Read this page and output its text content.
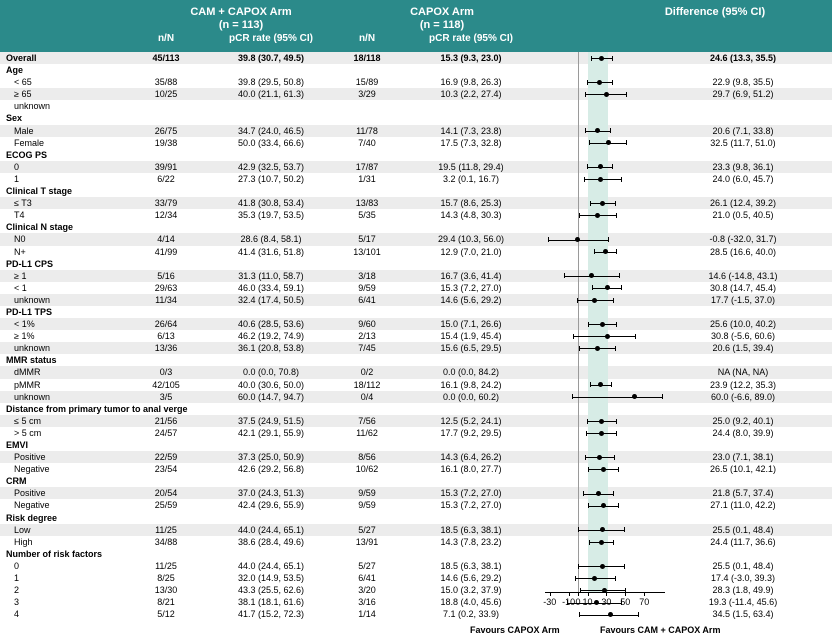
CAM + CAPOX Arm
(n = 113)
CAPOX Arm
(n = 118)
Difference (95% CI)
n/N	pCR rate (95% CI)	n/N	pCR rate (95% CI)
Overall	45/113	39.8 (30.7, 49.5)	18/118	15.3 (9.3, 23.0)	24.6 (13.3, 35.5)
Age
< 65	35/88	39.8 (29.5, 50.8)	15/89	16.9 (9.8, 26.3)	22.9 (9.8, 35.5)
≥ 65	10/25	40.0 (21.1, 61.3)	3/29	10.3 (2.2, 27.4)	29.7 (6.9, 51.2)
unknown
Sex
Male	26/75	34.7 (24.0, 46.5)	11/78	14.1 (7.3, 23.8)	20.6 (7.1, 33.8)
Female	19/38	50.0 (33.4, 66.6)	7/40	17.5 (7.3, 32.8)	32.5 (11.7, 51.0)
ECOG PS
0	39/91	42.9 (32.5, 53.7)	17/87	19.5 (11.8, 29.4)	23.3 (9.8, 36.1)
1	6/22	27.3 (10.7, 50.2)	1/31	3.2 (0.1, 16.7)	24.0 (6.0, 45.7)
Clinical T stage
≤ T3	33/79	41.8 (30.8, 53.4)	13/83	15.7 (8.6, 25.3)	26.1 (12.4, 39.2)
T4	12/34	35.3 (19.7, 53.5)	5/35	14.3 (4.8, 30.3)	21.0 (0.5, 40.5)
Clinical N stage
N0	4/14	28.6 (8.4, 58.1)	5/17	29.4 (10.3, 56.0)	-0.8 (-32.0, 31.7)
N+	41/99	41.4 (31.6, 51.8)	13/101	12.9 (7.0, 21.0)	28.5 (16.6, 40.0)
PD-L1 CPS
≥ 1	5/16	31.3 (11.0, 58.7)	3/18	16.7 (3.6, 41.4)	14.6 (-14.8, 43.1)
< 1	29/63	46.0 (33.4, 59.1)	9/59	15.3 (7.2, 27.0)	30.8 (14.7, 45.4)
unknown	11/34	32.4 (17.4, 50.5)	6/41	14.6 (5.6, 29.2)	17.7 (-1.5, 37.0)
PD-L1 TPS
< 1%	26/64	40.6 (28.5, 53.6)	9/60	15.0 (7.1, 26.6)	25.6 (10.0, 40.2)
≥ 1%	6/13	46.2 (19.2, 74.9)	2/13	15.4 (1.9, 45.4)	30.8 (-5.6, 60.6)
unknown	13/36	36.1 (20.8, 53.8)	7/45	15.6 (6.5, 29.5)	20.6 (1.5, 39.4)
MMR status
dMMR	0/3	0.0 (0.0, 70.8)	0/2	0.0 (0.0, 84.2)	NA (NA, NA)
pMMR	42/105	40.0 (30.6, 50.0)	18/112	16.1 (9.8, 24.2)	23.9 (12.2, 35.3)
unknown	3/5	60.0 (14.7, 94.7)	0/4	0.0 (0.0, 60.2)	60.0 (-6.6, 89.0)
Distance from primary tumor to anal verge
≤ 5 cm	21/56	37.5 (24.9, 51.5)	7/56	12.5 (5.2, 24.1)	25.0 (9.2, 40.1)
> 5 cm	24/57	42.1 (29.1, 55.9)	11/62	17.7 (9.2, 29.5)	24.4 (8.0, 39.9)
EMVI
Positive	22/59	37.3 (25.0, 50.9)	8/56	14.3 (6.4, 26.2)	23.0 (7.1, 38.1)
Negative	23/54	42.6 (29.2, 56.8)	10/62	16.1 (8.0, 27.7)	26.5 (10.1, 42.1)
CRM
Positive	20/54	37.0 (24.3, 51.3)	9/59	15.3 (7.2, 27.0)	21.8 (5.7, 37.4)
Negative	25/59	42.4 (29.6, 55.9)	9/59	15.3 (7.2, 27.0)	27.1 (11.0, 42.2)
Risk degree
Low	11/25	44.0 (24.4, 65.1)	5/27	18.5 (6.3, 38.1)	25.5 (0.1, 48.4)
High	34/88	38.6 (28.4, 49.6)	13/91	14.3 (7.8, 23.2)	24.4 (11.7, 36.6)
Number of risk factors
0	11/25	44.0 (24.4, 65.1)	5/27	18.5 (6.3, 38.1)	25.5 (0.1, 48.4)
1	8/25	32.0 (14.9, 53.5)	6/41	14.6 (5.6, 29.2)	17.4 (-3.0, 39.3)
2	13/30	43.3 (25.5, 62.6)	3/20	15.0 (3.2, 37.9)	28.3 (1.8, 49.9)
3	8/21	38.1 (18.1, 61.6)	3/16	18.8 (4.0, 45.6)	19.3 (-11.4, 45.6)
4	5/12	41.7 (15.2, 72.3)	1/14	7.1 (0.2, 33.9)	34.5 (1.5, 63.4)
-30 -10 0 10 30 50 70
Favours CAPOX Arm	Favours CAM + CAPOX Arm
